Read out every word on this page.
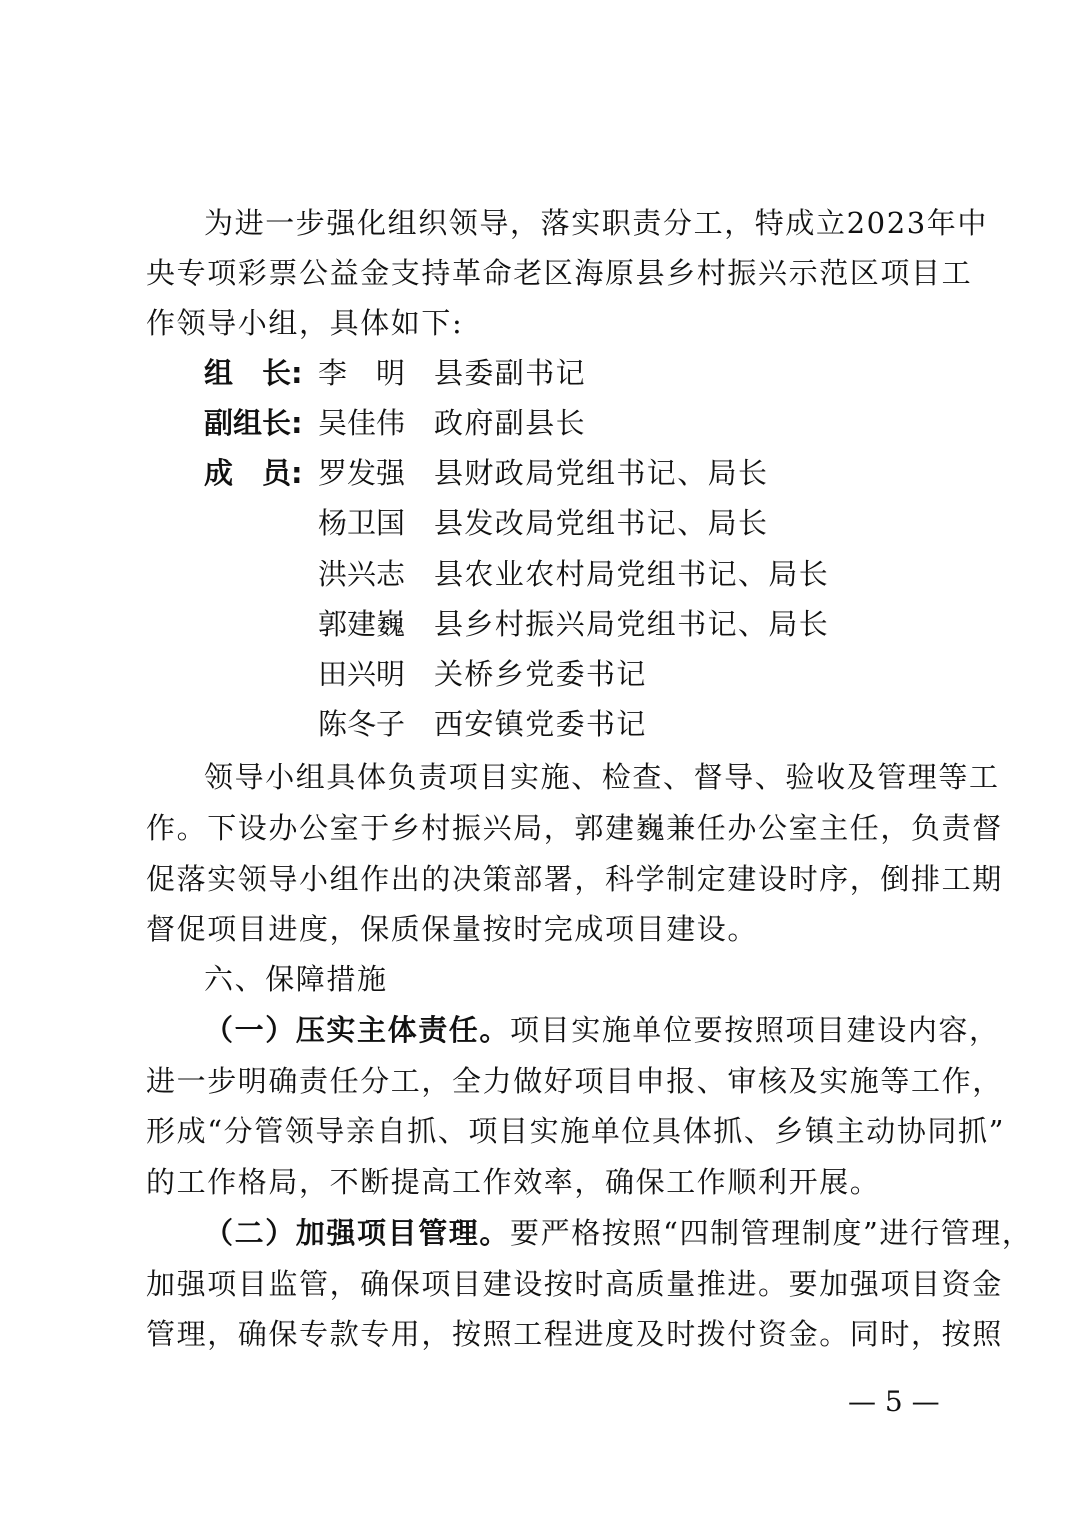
为进一步强化组织领导，落实职责分工，特成立2023年中
央专项彩票公益金支持革命老区海原县乡村振兴示范区项目工
作领导小组，具体如下:
组　长: 李　明 县委副书记
副组长: 吴佳伟 政府副县长
成　员: 罗发强 县财政局党组书记、局长
杨卫国 县发改局党组书记、局长
洪兴志 县农业农村局党组书记、局长
郭建巍 县乡村振兴局党组书记、局长
田兴明 关桥乡党委书记
陈冬子 西安镇党委书记
领导小组具体负责项目实施、检查、督导、验收及管理等工
作。下设办公室于乡村振兴局，郭建巍兼任办公室主任，负责督
促落实领导小组作出的决策部署，科学制定建设时序，倒排工期
督促项目进度，保质保量按时完成项目建设。
六、保障措施
（一）压实主体责任。项目实施单位要按照项目建设内容，
进一步明确责任分工，全力做好项目申报、审核及实施等工作，
形成“分管领导亲自抓、项目实施单位具体抓、乡镇主动协同抓”
的工作格局，不断提高工作效率，确保工作顺利开展。
（二）加强项目管理。要严格按照“四制管理制度”进行管理，
加强项目监管，确保项目建设按时高质量推进。要加强项目资金
管理，确保专款专用，按照工程进度及时拨付资金。同时，按照
— 5 —
